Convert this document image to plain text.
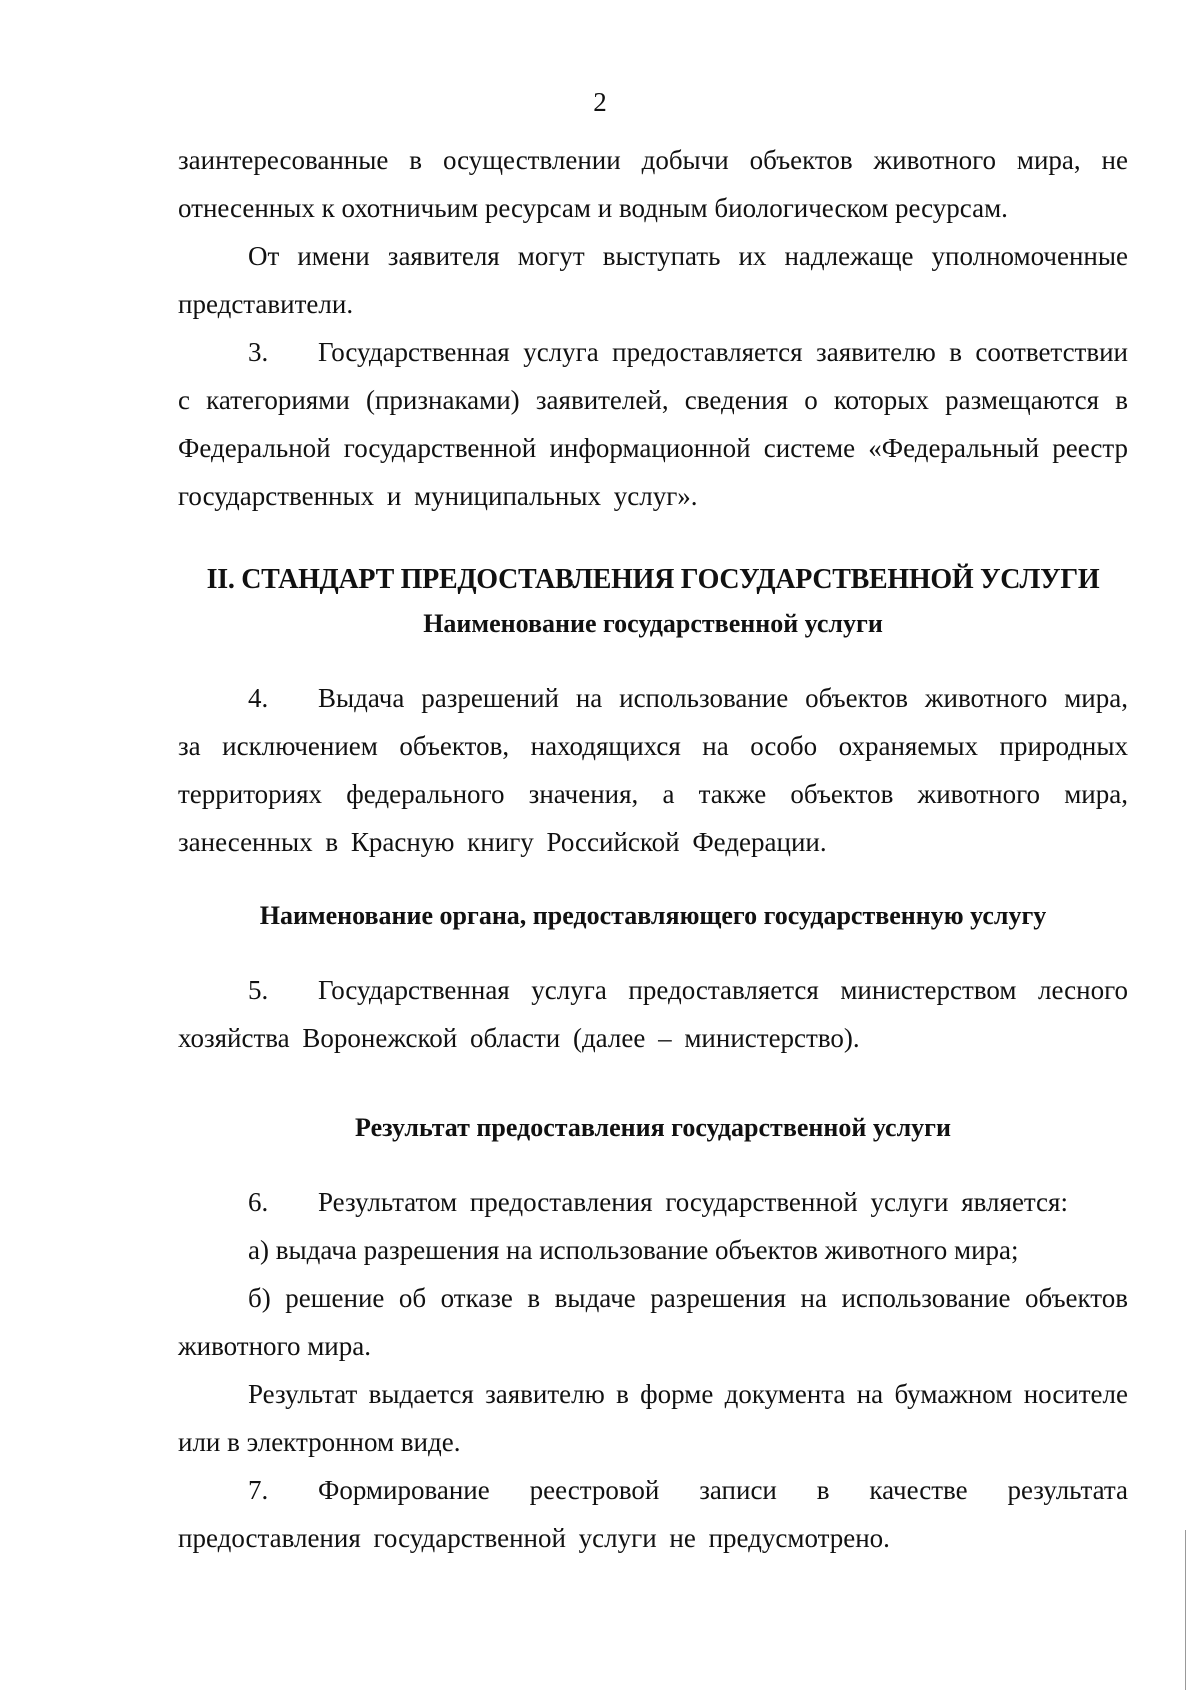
2

заинтересованные в осуществлении добычи объектов животного мира, не отнесенных к охотничьим ресурсам и водным биологическом ресурсам.

От имени заявителя могут выступать их надлежаще уполномоченные представители.

3. Государственная услуга предоставляется заявителю в соответствии с категориями (признаками) заявителей, сведения о которых размещаются в Федеральной государственной информационной системе «Федеральный реестр государственных и муниципальных услуг».

II. СТАНДАРТ ПРЕДОСТАВЛЕНИЯ ГОСУДАРСТВЕННОЙ УСЛУГИ
Наименование государственной услуги

4. Выдача разрешений на использование объектов животного мира, за исключением объектов, находящихся на особо охраняемых природных территориях федерального значения, а также объектов животного мира, занесенных в Красную книгу Российской Федерации.

Наименование органа, предоставляющего государственную услугу

5. Государственная услуга предоставляется министерством лесного хозяйства Воронежской области (далее – министерство).

Результат предоставления государственной услуги

6. Результатом предоставления государственной услуги является:

а) выдача разрешения на использование объектов животного мира;

б) решение об отказе в выдаче разрешения на использование объектов животного мира.

Результат выдается заявителю в форме документа на бумажном носителе или в электронном виде.

7. Формирование реестровой записи в качестве результата предоставления государственной услуги не предусмотрено.
